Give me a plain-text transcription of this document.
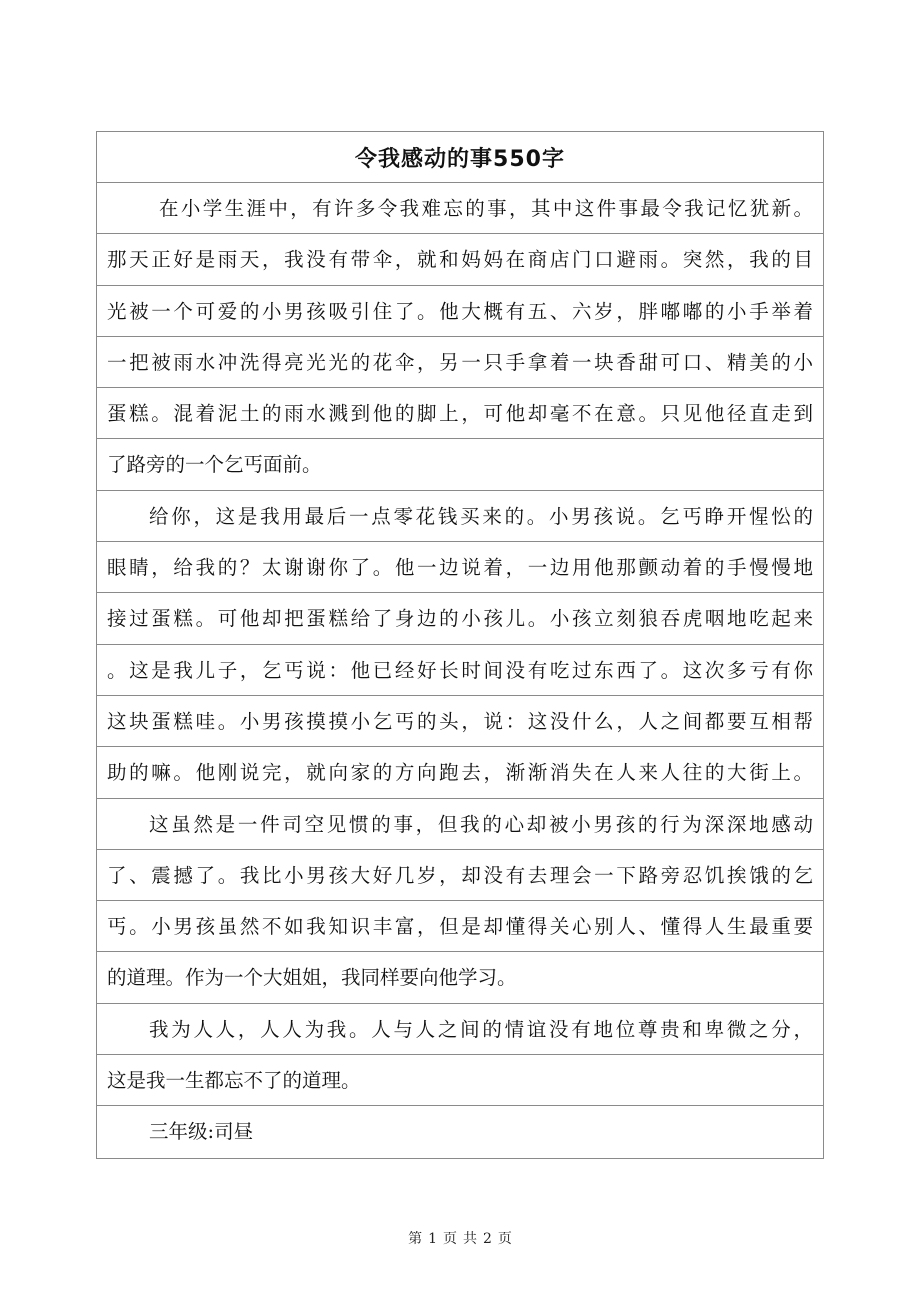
令我感动的事550字
在小学生涯中，有许多令我难忘的事，其中这件事最令我记忆犹新。
那天正好是雨天，我没有带伞，就和妈妈在商店门口避雨。突然，我的目
光被一个可爱的小男孩吸引住了。他大概有五、六岁，胖嘟嘟的小手举着
一把被雨水冲洗得亮光光的花伞，另一只手拿着一块香甜可口、精美的小
蛋糕。混着泥土的雨水溅到他的脚上，可他却毫不在意。只见他径直走到
了路旁的一个乞丐面前。
给你，这是我用最后一点零花钱买来的。小男孩说。乞丐睁开惺忪的
眼睛，给我的？太谢谢你了。他一边说着，一边用他那颤动着的手慢慢地
接过蛋糕。可他却把蛋糕给了身边的小孩儿。小孩立刻狼吞虎咽地吃起来
。这是我儿子，乞丐说：他已经好长时间没有吃过东西了。这次多亏有你
这块蛋糕哇。小男孩摸摸小乞丐的头，说：这没什么，人之间都要互相帮
助的嘛。他刚说完，就向家的方向跑去，渐渐消失在人来人往的大街上。
这虽然是一件司空见惯的事，但我的心却被小男孩的行为深深地感动
了、震撼了。我比小男孩大好几岁，却没有去理会一下路旁忍饥挨饿的乞
丐。小男孩虽然不如我知识丰富，但是却懂得关心别人、懂得人生最重要
的道理。作为一个大姐姐，我同样要向他学习。
我为人人，人人为我。人与人之间的情谊没有地位尊贵和卑微之分，
这是我一生都忘不了的道理。
三年级:司昼
第 1 页 共 2 页
